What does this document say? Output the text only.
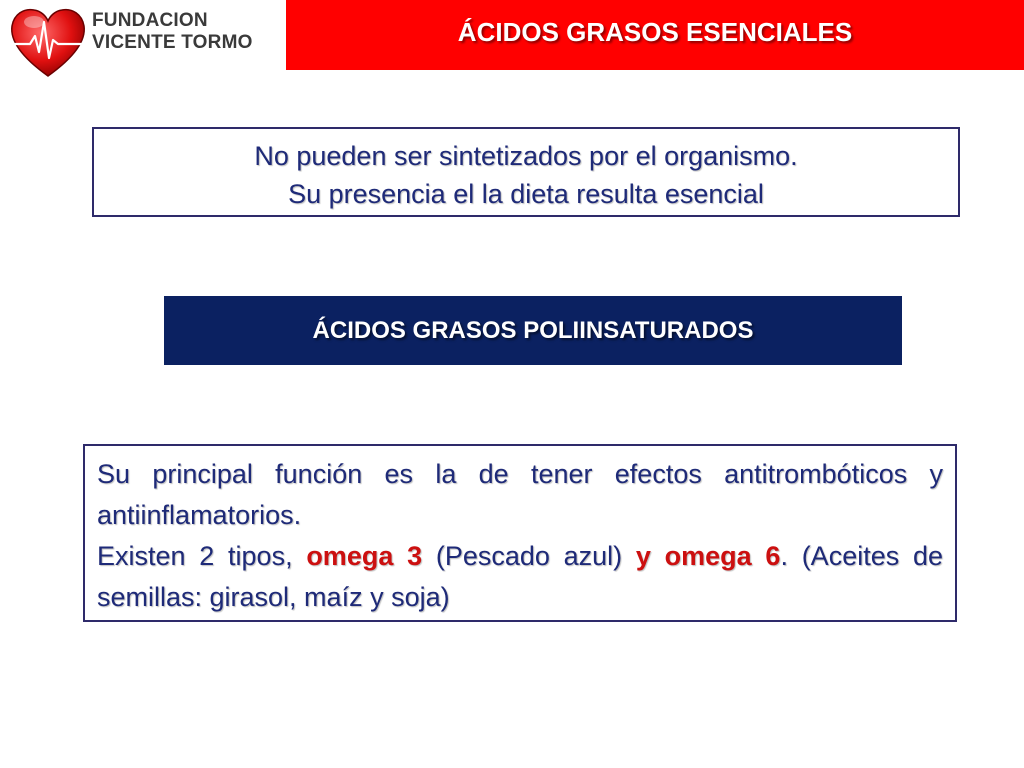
FUNDACION
VICENTE TORMO	ÁCIDOS GRASOS ESENCIALES
No pueden ser sintetizados por el organismo.
Su presencia el la dieta resulta esencial
ÁCIDOS GRASOS POLIINSATURADOS

Su principal función es la de tener efectos antitrombóticos y antiinflamatorios.

Existen 2 tipos, omega 3 (Pescado azul) y omega 6. (Aceites de semillas: girasol, maíz y soja)
